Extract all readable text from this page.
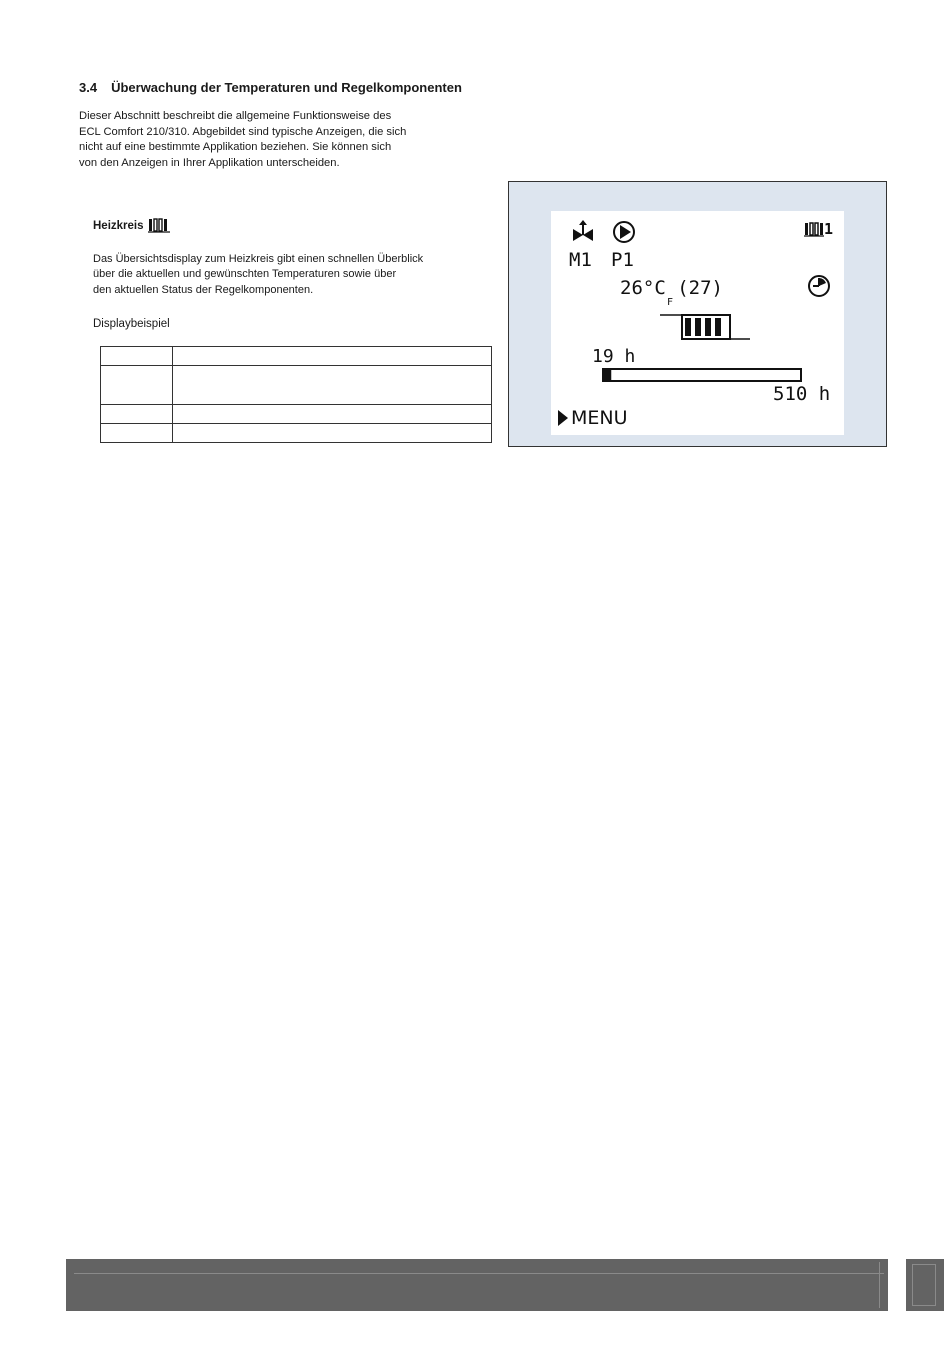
3.4 Überwachung der Temperaturen und Regelkomponenten
Dieser Abschnitt beschreibt die allgemeine Funktionsweise des
ECL Comfort 210/310. Abgebildet sind typische Anzeigen, die sich
nicht auf eine bestimmte Applikation beziehen. Sie können sich
von den Anzeigen in Ihrer Applikation unterscheiden.
Heizkreis
Das Übersichtsdisplay zum Heizkreis gibt einen schnellen Überblick
über die aktuellen und gewünschten Temperaturen sowie über
den aktuellen Status der Regelkomponenten.
Displaybeispiel

1
M1 P1
26°C (27)
F
19 h
510 h
MENU
